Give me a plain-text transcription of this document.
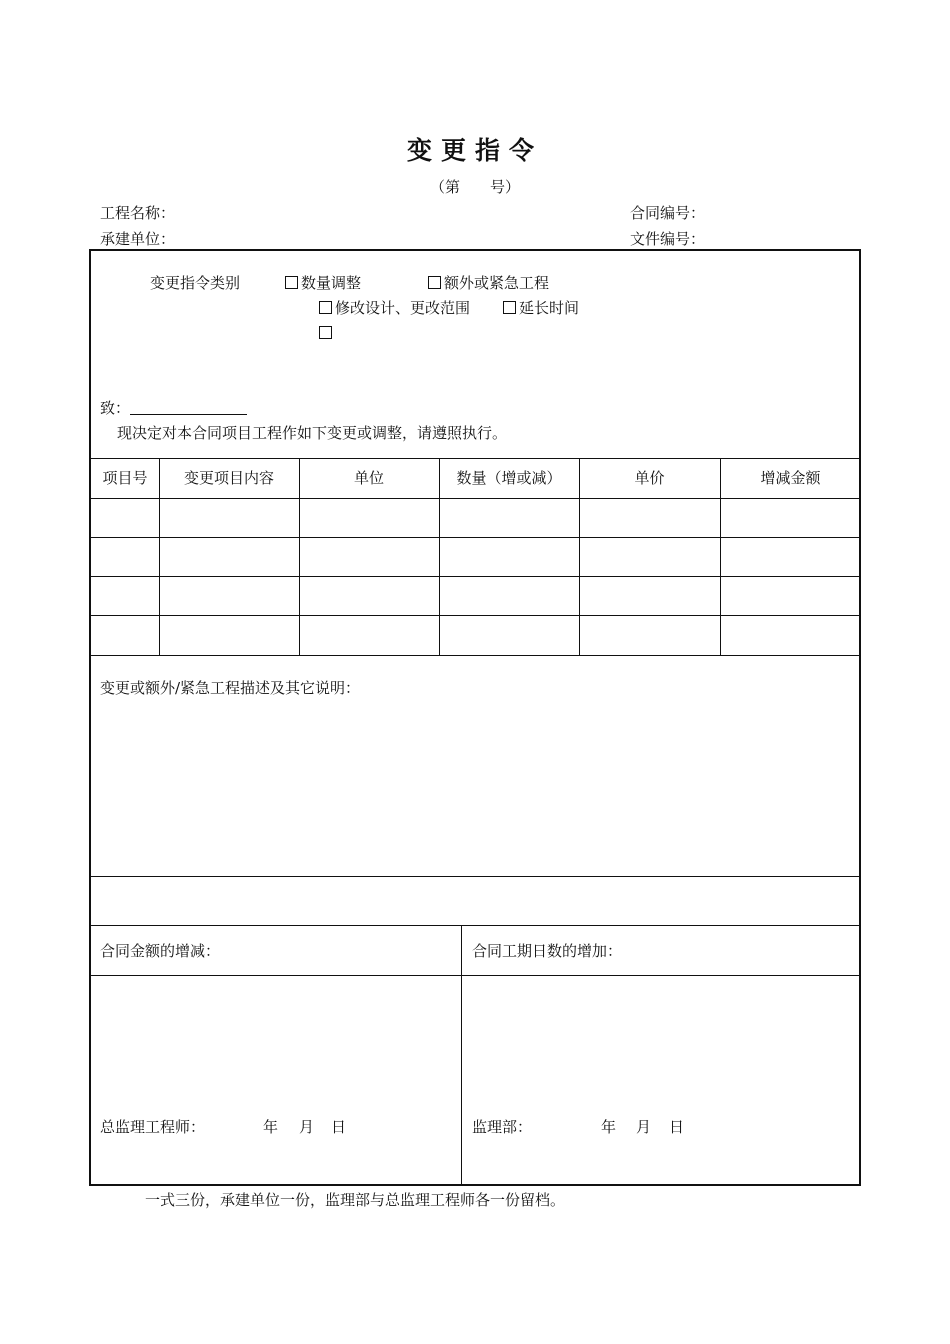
变更指令
（第　　号）
工程名称：	合同编号：
承建单位：	文件编号：
变更指令类别	数量调整	额外或紧急工程
修改设计、更改范围	延长时间
致：
现决定对本合同项目工程作如下变更或调整，请遵照执行。
项目号	变更项目内容	单位	数量（增或减）	单价	增减金额
变更或额外/紧急工程描述及其它说明：
合同金额的增减：	合同工期日数的增加：
总监理工程师：	年 月 日	监理部：	年 月 日
一式三份，承建单位一份，监理部与总监理工程师各一份留档。
